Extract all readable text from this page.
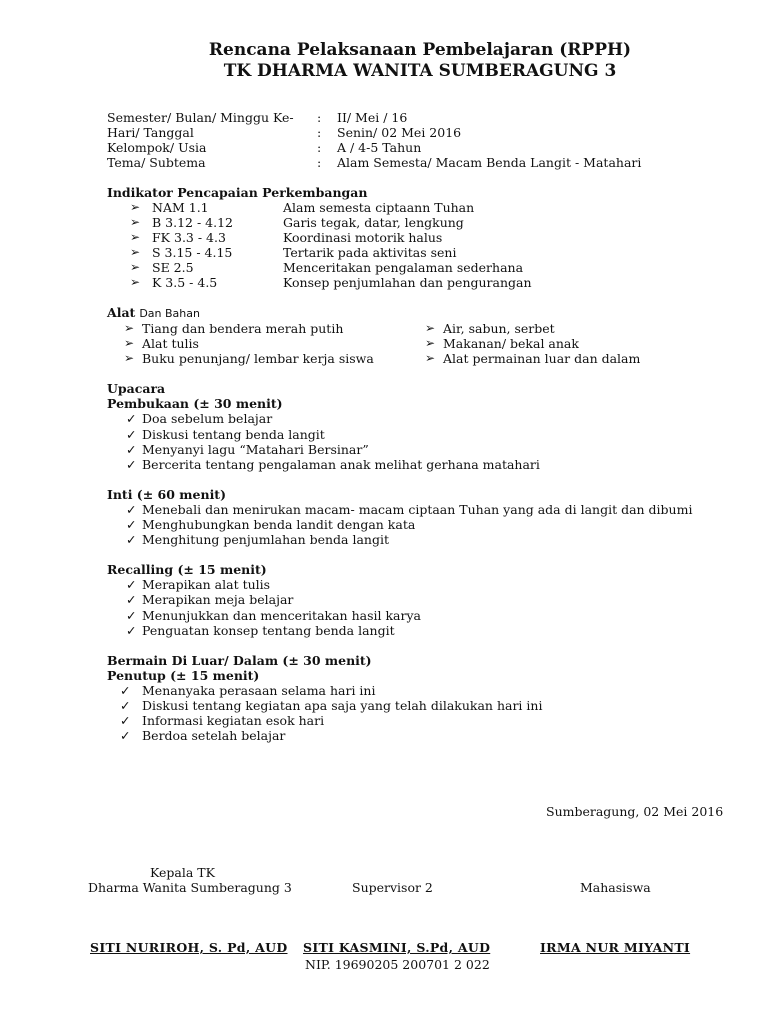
Rencana Pelaksanaan Pembelajaran (RPPH)
TK DHARMA WANITA SUMBERAGUNG 3
Semester/ Bulan/ Minggu Ke- : II/ Mei / 16
Hari/ Tanggal	: Senin/ 02 Mei 2016
Kelompok/ Usia	: A / 4-5 Tahun
Tema/ Subtema	: Alam Semesta/ Macam Benda Langit - Matahari
Indikator Pencapaian Perkembangan
➢ NAM 1.1	Alam semesta ciptaann Tuhan
➢ B 3.12 - 4.12	Garis tegak, datar, lengkung
➢ FK 3.3 - 4.3	Koordinasi motorik halus
➢ S 3.15 - 4.15	Tertarik pada aktivitas seni
➢ SE 2.5	Menceritakan pengalaman sederhana
➢ K 3.5 - 4.5	Konsep penjumlahan dan pengurangan
Alat Dan Bahan
➢ Tiang dan bendera merah putih
➢ Alat tulis
➢ Buku penunjang/ lembar kerja siswa
➢ Air, sabun, serbet
➢ Makanan/ bekal anak
➢ Alat permainan luar dan dalam
Upacara
Pembukaan (± 30 menit)
✓ Doa sebelum belajar
✓ Diskusi tentang benda langit
✓ Menyanyi lagu “Matahari Bersinar”
✓ Bercerita tentang pengalaman anak melihat gerhana matahari
Inti (± 60 menit)
✓ Menebali dan menirukan macam- macam ciptaan Tuhan yang ada di langit dan dibumi
✓ Menghubungkan benda landit dengan kata
✓ Menghitung penjumlahan benda langit
Recalling (± 15 menit)
✓ Merapikan alat tulis
✓ Merapikan meja belajar
✓ Menunjukkan dan menceritakan hasil karya
✓ Penguatan konsep tentang benda langit
Bermain Di Luar/ Dalam (± 30 menit)
Penutup (± 15 menit)
✓ Menanyaka perasaan selama hari ini
✓ Diskusi tentang kegiatan apa saja yang telah dilakukan hari ini
✓ Informasi kegiatan esok hari
✓ Berdoa setelah belajar
Sumberagung, 02 Mei 2016
Kepala TK
Dharma Wanita Sumberagung 3	Supervisor 2	Mahasiswa
SITI NURIROH, S. Pd, AUD SITI KASMINI, S.Pd, AUD	IRMA NUR MIYANTI
NIP. 19690205 200701 2 022
